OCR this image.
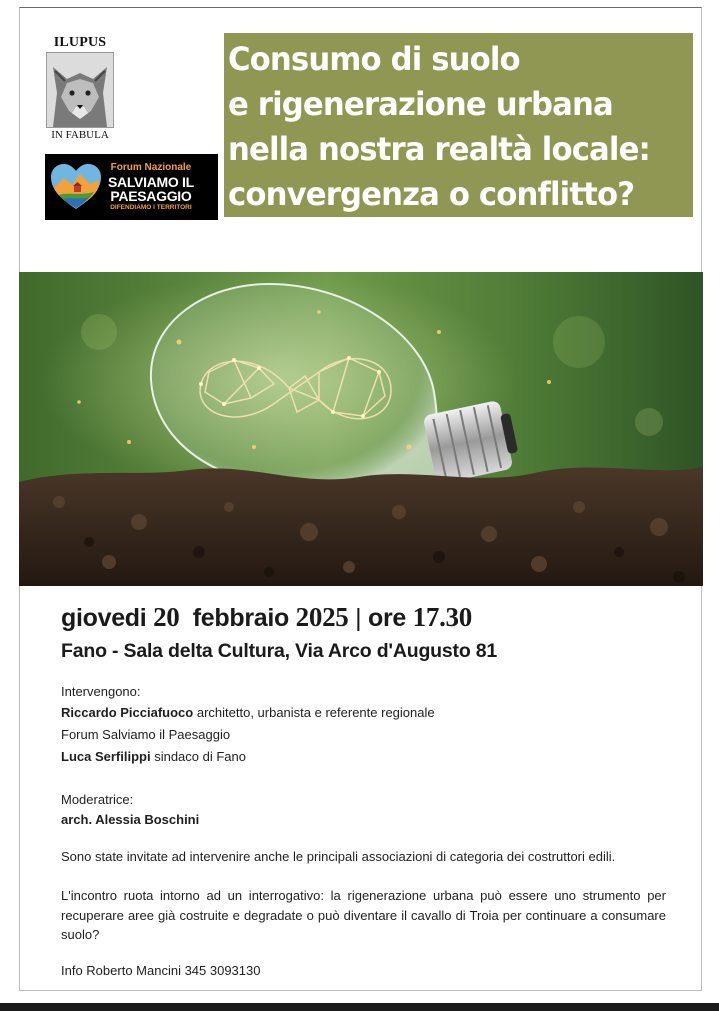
ILUPUS
IN FABULA
Forum Nazionale
SALVIAMO IL
PAESAGGIO
DIFENDIAMO I TERRITORI
Consumo di suolo
e rigenerazione urbana
nella nostra realtà locale:
convergenza o conflitto?
giovedi 20 febbraio 2025 | ore 17.30
Fano - Sala delta Cultura, Via Arco d'Augusto 81
Intervengono:
Riccardo Picciafuoco architetto, urbanista e referente regionale
Forum Salviamo il Paesaggio
Luca Serfilippi sindaco di Fano
Moderatrice:
arch. Alessia Boschini
Sono state invitate ad intervenire anche le principali associazioni di categoria dei costruttori edili.
L'incontro ruota intorno ad un interrogativo: la rigenerazione urbana può essere uno strumento per recuperare aree già costruite e degradate o può diventare il cavallo di Troia per continuare a consumare suolo?
Info Roberto Mancini 345 3093130
